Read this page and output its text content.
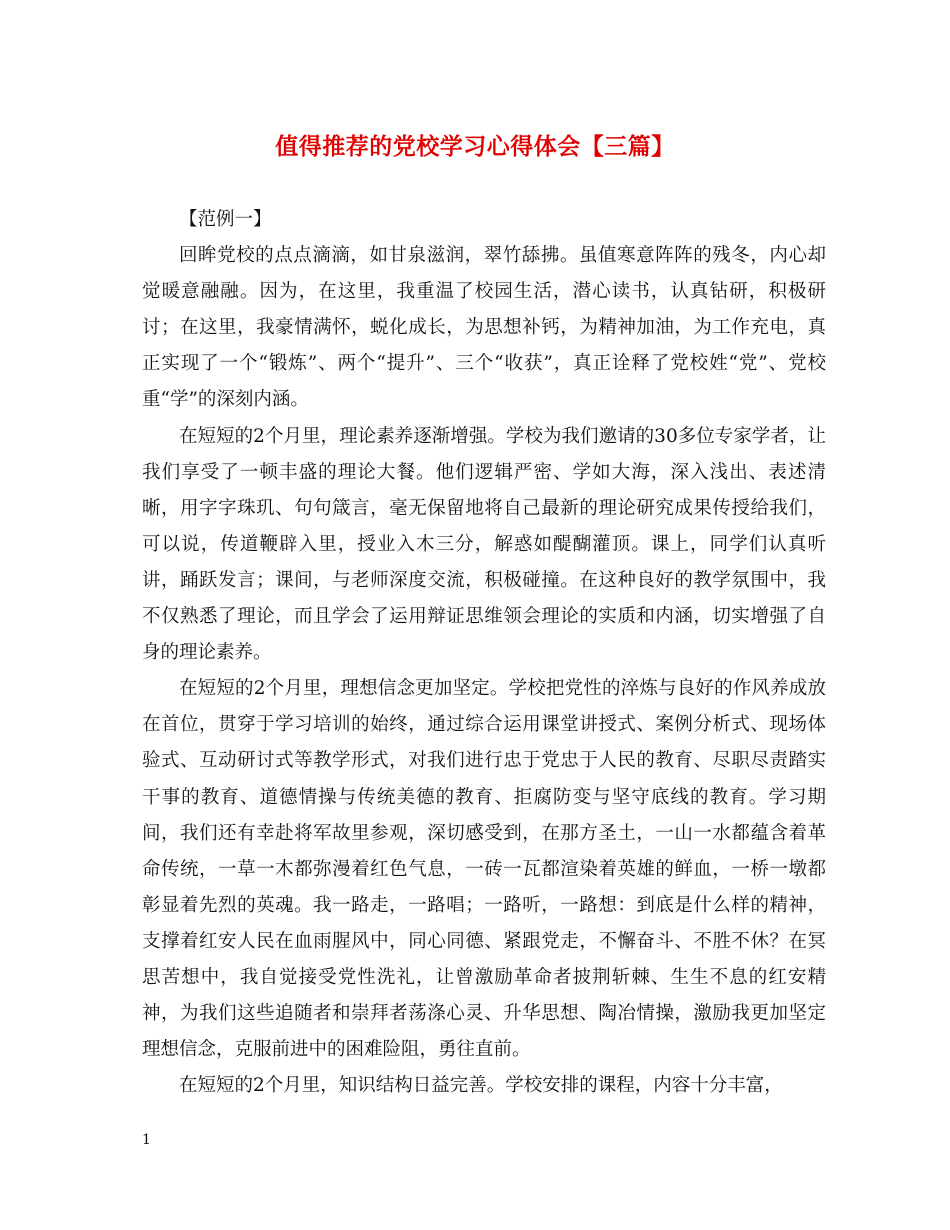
值得推荐的党校学习心得体会【三篇】

【范例一】

回眸党校的点点滴滴，如甘泉滋润，翠竹舔拂。虽值寒意阵阵的残冬，内心却觉暖意融融。因为，在这里，我重温了校园生活，潜心读书，认真钻研，积极研讨；在这里，我豪情满怀，蜕化成长，为思想补钙，为精神加油，为工作充电，真正实现了一个“锻炼”、两个“提升”、三个“收获”，真正诠释了党校姓“党”、党校重“学”的深刻内涵。

在短短的2个月里，理论素养逐渐增强。学校为我们邀请的30多位专家学者，让我们享受了一顿丰盛的理论大餐。他们逻辑严密、学如大海，深入浅出、表述清晰，用字字珠玑、句句箴言，毫无保留地将自己最新的理论研究成果传授给我们，可以说，传道鞭辟入里，授业入木三分，解惑如醍醐灌顶。课上，同学们认真听讲，踊跃发言；课间，与老师深度交流，积极碰撞。在这种良好的教学氛围中，我不仅熟悉了理论，而且学会了运用辩证思维领会理论的实质和内涵，切实增强了自身的理论素养。

在短短的2个月里，理想信念更加坚定。学校把党性的淬炼与良好的作风养成放在首位，贯穿于学习培训的始终，通过综合运用课堂讲授式、案例分析式、现场体验式、互动研讨式等教学形式，对我们进行忠于党忠于人民的教育、尽职尽责踏实干事的教育、道德情操与传统美德的教育、拒腐防变与坚守底线的教育。学习期间，我们还有幸赴将军故里参观，深切感受到，在那方圣土，一山一水都蕴含着革命传统，一草一木都弥漫着红色气息，一砖一瓦都渲染着英雄的鲜血，一桥一墩都彰显着先烈的英魂。我一路走，一路唱；一路听，一路想：到底是什么样的精神，支撑着红安人民在血雨腥风中，同心同德、紧跟党走，不懈奋斗、不胜不休？在冥思苦想中，我自觉接受党性洗礼，让曾激励革命者披荆斩棘、生生不息的红安精神，为我们这些追随者和崇拜者荡涤心灵、升华思想、陶冶情操，激励我更加坚定理想信念，克服前进中的困难险阻，勇往直前。

在短短的2个月里，知识结构日益完善。学校安排的课程，内容十分丰富，

1
